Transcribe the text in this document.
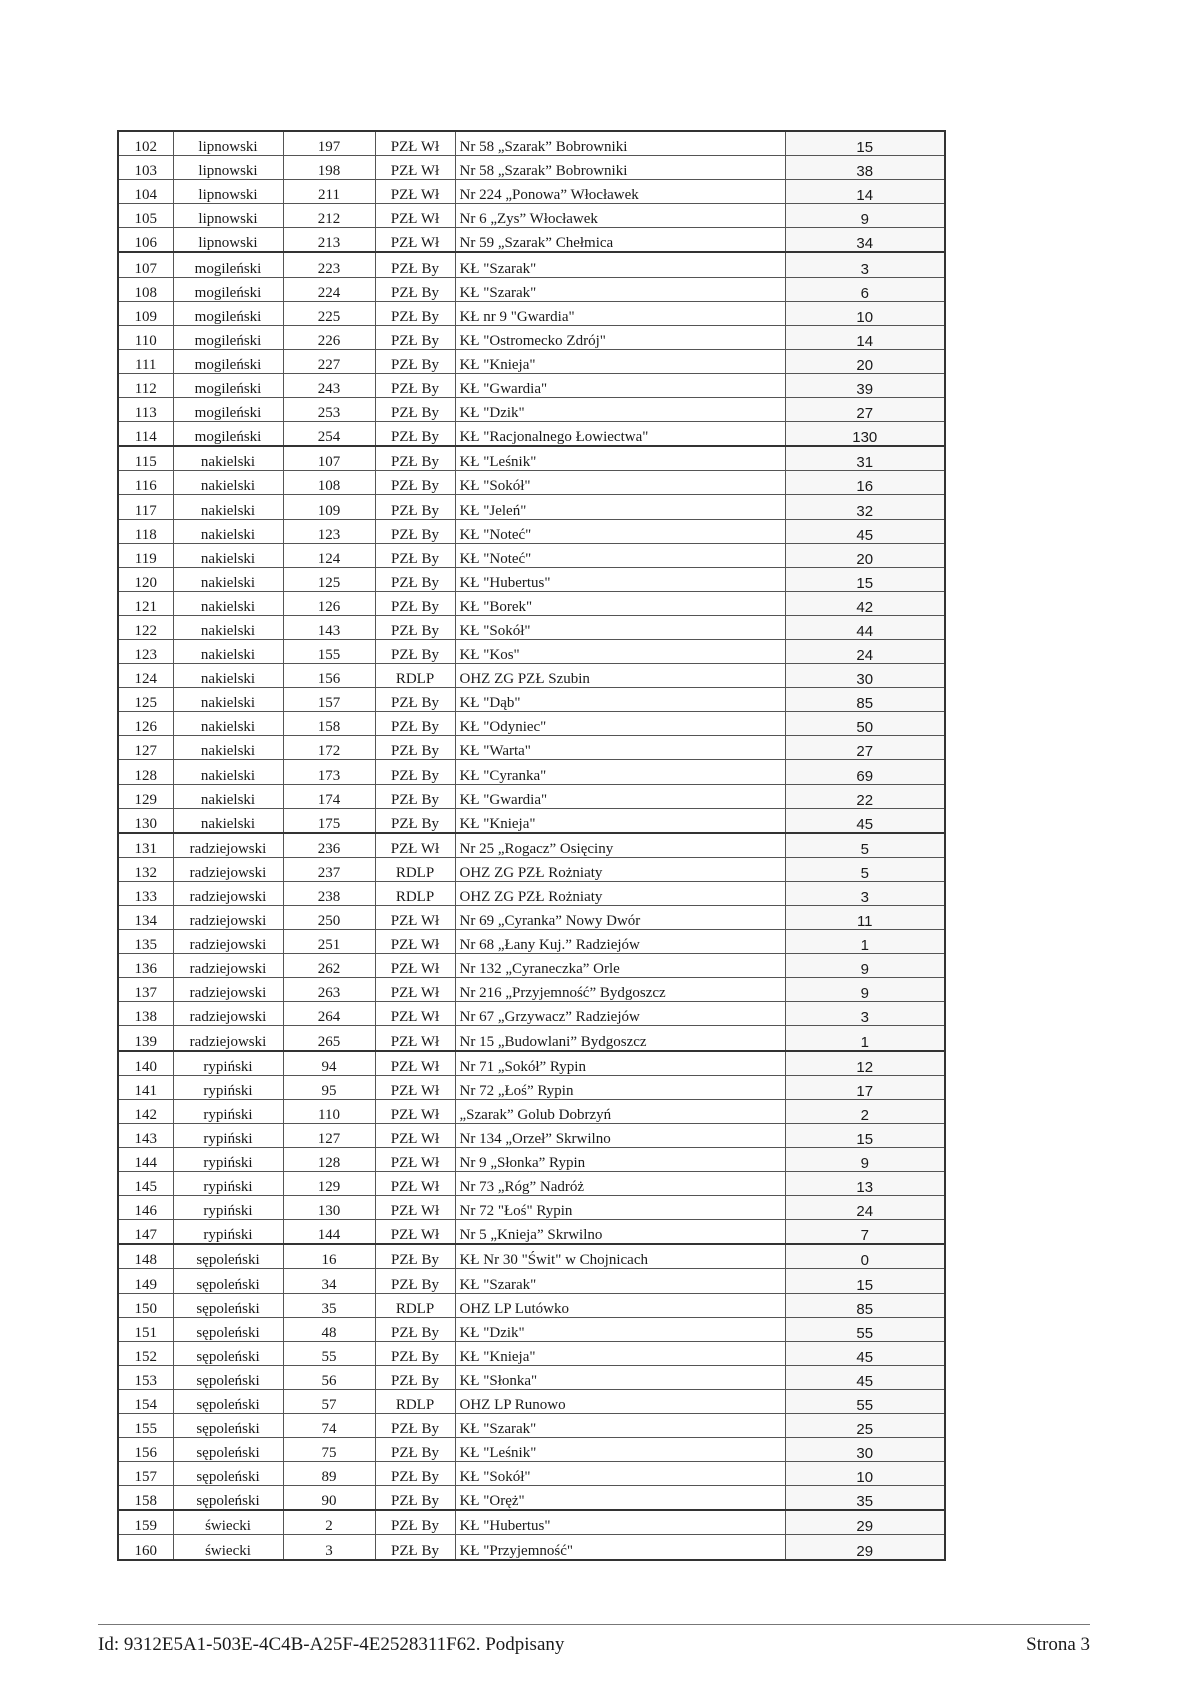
102	lipnowski	197	PZŁ Wł	Nr 58 „Szarak” Bobrowniki	15
103	lipnowski	198	PZŁ Wł	Nr 58 „Szarak” Bobrowniki	38
104	lipnowski	211	PZŁ Wł	Nr 224 „Ponowa” Włocławek	14
105	lipnowski	212	PZŁ Wł	Nr 6 „Zys” Włocławek	9
106	lipnowski	213	PZŁ Wł	Nr 59 „Szarak” Chełmica	34
107	mogileński	223	PZŁ By	KŁ "Szarak"	3
108	mogileński	224	PZŁ By	KŁ "Szarak"	6
109	mogileński	225	PZŁ By	KŁ nr 9 "Gwardia"	10
110	mogileński	226	PZŁ By	KŁ "Ostromecko Zdrój"	14
111	mogileński	227	PZŁ By	KŁ "Knieja"	20
112	mogileński	243	PZŁ By	KŁ "Gwardia"	39
113	mogileński	253	PZŁ By	KŁ "Dzik"	27
114	mogileński	254	PZŁ By	KŁ "Racjonalnego Łowiectwa"	130
115	nakielski	107	PZŁ By	KŁ "Leśnik"	31
116	nakielski	108	PZŁ By	KŁ "Sokół"	16
117	nakielski	109	PZŁ By	KŁ "Jeleń"	32
118	nakielski	123	PZŁ By	KŁ "Noteć"	45
119	nakielski	124	PZŁ By	KŁ "Noteć"	20
120	nakielski	125	PZŁ By	KŁ "Hubertus"	15
121	nakielski	126	PZŁ By	KŁ "Borek"	42
122	nakielski	143	PZŁ By	KŁ "Sokół"	44
123	nakielski	155	PZŁ By	KŁ "Kos"	24
124	nakielski	156	RDLP	OHZ ZG PZŁ Szubin	30
125	nakielski	157	PZŁ By	KŁ "Dąb"	85
126	nakielski	158	PZŁ By	KŁ "Odyniec"	50
127	nakielski	172	PZŁ By	KŁ "Warta"	27
128	nakielski	173	PZŁ By	KŁ "Cyranka"	69
129	nakielski	174	PZŁ By	KŁ "Gwardia"	22
130	nakielski	175	PZŁ By	KŁ "Knieja"	45
131	radziejowski	236	PZŁ Wł	Nr 25 „Rogacz” Osięciny	5
132	radziejowski	237	RDLP	OHZ ZG PZŁ Rożniaty	5
133	radziejowski	238	RDLP	OHZ ZG PZŁ Rożniaty	3
134	radziejowski	250	PZŁ Wł	Nr 69 „Cyranka” Nowy Dwór	11
135	radziejowski	251	PZŁ Wł	Nr 68 „Łany Kuj.” Radziejów	1
136	radziejowski	262	PZŁ Wł	Nr 132 „Cyraneczka” Orle	9
137	radziejowski	263	PZŁ Wł	Nr 216 „Przyjemność” Bydgoszcz	9
138	radziejowski	264	PZŁ Wł	Nr 67 „Grzywacz” Radziejów	3
139	radziejowski	265	PZŁ Wł	Nr 15 „Budowlani” Bydgoszcz	1
140	rypiński	94	PZŁ Wł	Nr 71 „Sokół” Rypin	12
141	rypiński	95	PZŁ Wł	Nr 72 „Łoś” Rypin	17
142	rypiński	110	PZŁ Wł	„Szarak” Golub Dobrzyń	2
143	rypiński	127	PZŁ Wł	Nr 134 „Orzeł” Skrwilno	15
144	rypiński	128	PZŁ Wł	Nr 9 „Słonka” Rypin	9
145	rypiński	129	PZŁ Wł	Nr 73 „Róg” Nadróż	13
146	rypiński	130	PZŁ Wł	Nr 72 "Łoś" Rypin	24
147	rypiński	144	PZŁ Wł	Nr 5 „Knieja” Skrwilno	7
148	sępoleński	16	PZŁ By	KŁ Nr 30 "Świt" w Chojnicach	0
149	sępoleński	34	PZŁ By	KŁ "Szarak"	15
150	sępoleński	35	RDLP	OHZ LP Lutówko	85
151	sępoleński	48	PZŁ By	KŁ "Dzik"	55
152	sępoleński	55	PZŁ By	KŁ "Knieja"	45
153	sępoleński	56	PZŁ By	KŁ "Słonka"	45
154	sępoleński	57	RDLP	OHZ LP Runowo	55
155	sępoleński	74	PZŁ By	KŁ "Szarak"	25
156	sępoleński	75	PZŁ By	KŁ "Leśnik"	30
157	sępoleński	89	PZŁ By	KŁ "Sokół"	10
158	sępoleński	90	PZŁ By	KŁ "Oręż"	35
159	świecki	2	PZŁ By	KŁ "Hubertus"	29
160	świecki	3	PZŁ By	KŁ "Przyjemność"	29
Id: 9312E5A1-503E-4C4B-A25F-4E2528311F62. Podpisany	Strona 3
